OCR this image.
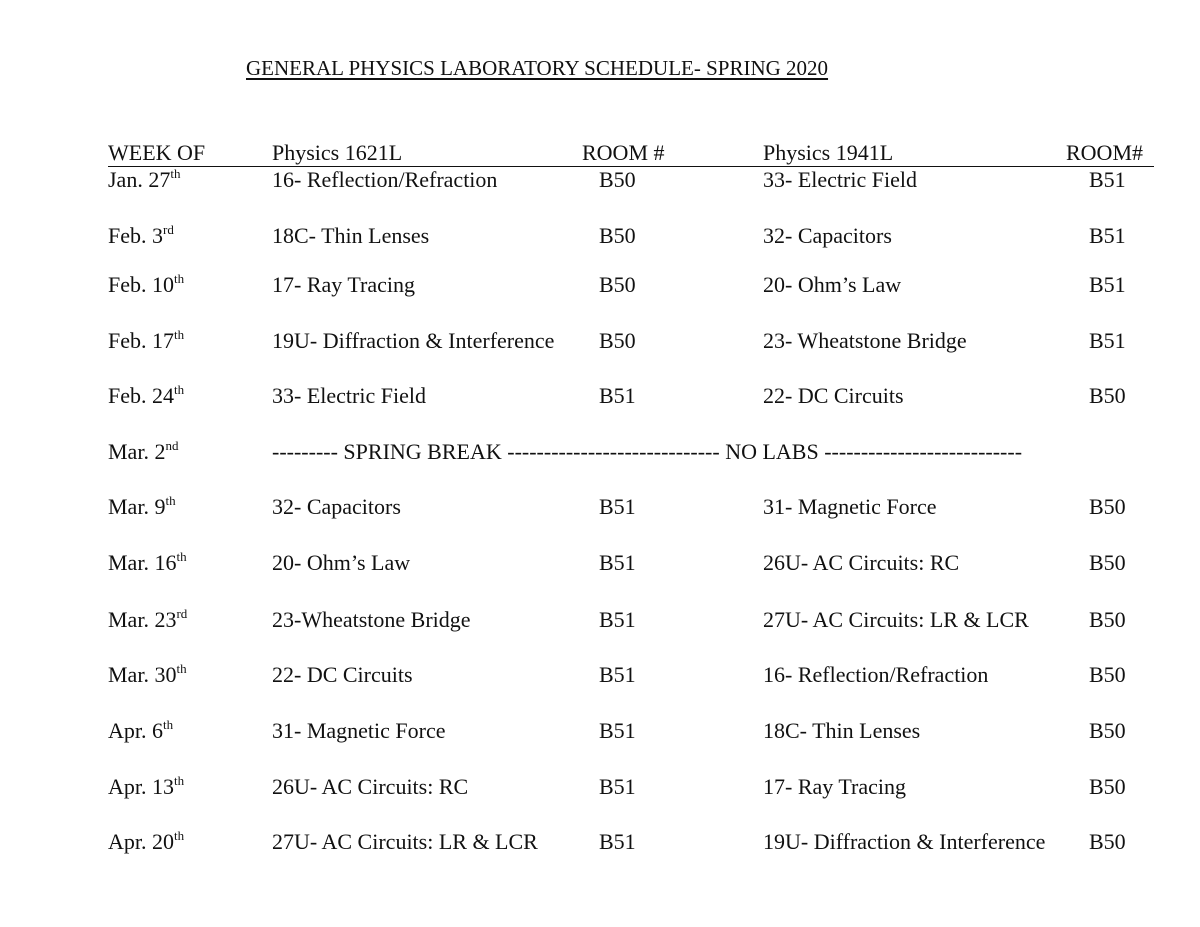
GENERAL PHYSICS LABORATORY SCHEDULE- SPRING 2020
WEEK OF	Physics 1621L	ROOM #	Physics 1941L	ROOM#
Jan. 27th	16- Reflection/Refraction	B50	33- Electric Field	B51
Feb. 3rd	18C- Thin Lenses	B50	32- Capacitors	B51
Feb. 10th	17- Ray Tracing	B50	20- Ohm’s Law	B51
Feb. 17th	19U- Diffraction & Interference B50	23- Wheatstone Bridge	B51
Feb. 24th	33- Electric Field	B51	22- DC Circuits	B50
Mar. 2nd	--------- SPRING BREAK ----------------------------- NO LABS ---------------------------
Mar. 9th	32- Capacitors	B51	31- Magnetic Force	B50
Mar. 16th	20- Ohm’s Law	B51	26U- AC Circuits: RC	B50
Mar. 23rd	23-Wheatstone Bridge	B51	27U- AC Circuits: LR & LCR	B50
Mar. 30th	22- DC Circuits	B51	16- Reflection/Refraction	B50
Apr. 6th	31- Magnetic Force	B51	18C- Thin Lenses	B50
Apr. 13th	26U- AC Circuits: RC	B51	17- Ray Tracing	B50
Apr. 20th	27U- AC Circuits: LR & LCR	B51	19U- Diffraction & Interference B50
